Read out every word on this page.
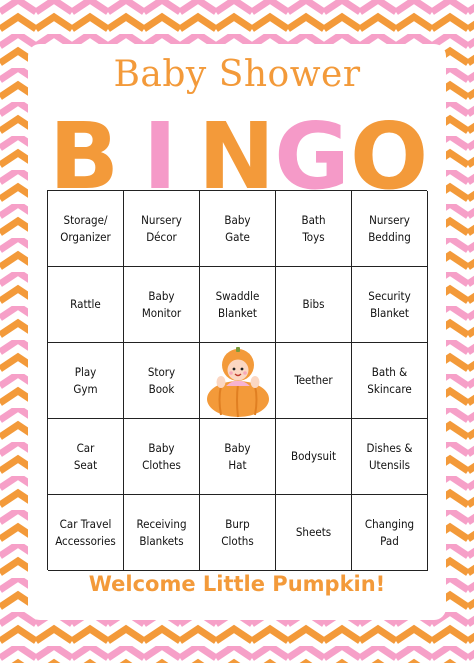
Baby Shower
B I N G O
Storage/
Organizer
Nursery
Décor
Baby
Gate
Bath
Toys
Nursery
Bedding
Rattle
Baby
Monitor
Swaddle
Blanket
Bibs
Security
Blanket
Play
Gym
Story
Book
Teether
Bath &
Skincare
Car
Seat
Baby
Clothes
Baby
Hat
Bodysuit
Dishes &
Utensils
Car Travel
Accessories
Receiving
Blankets
Burp
Cloths
Sheets
Changing
Pad
Welcome Little Pumpkin!
